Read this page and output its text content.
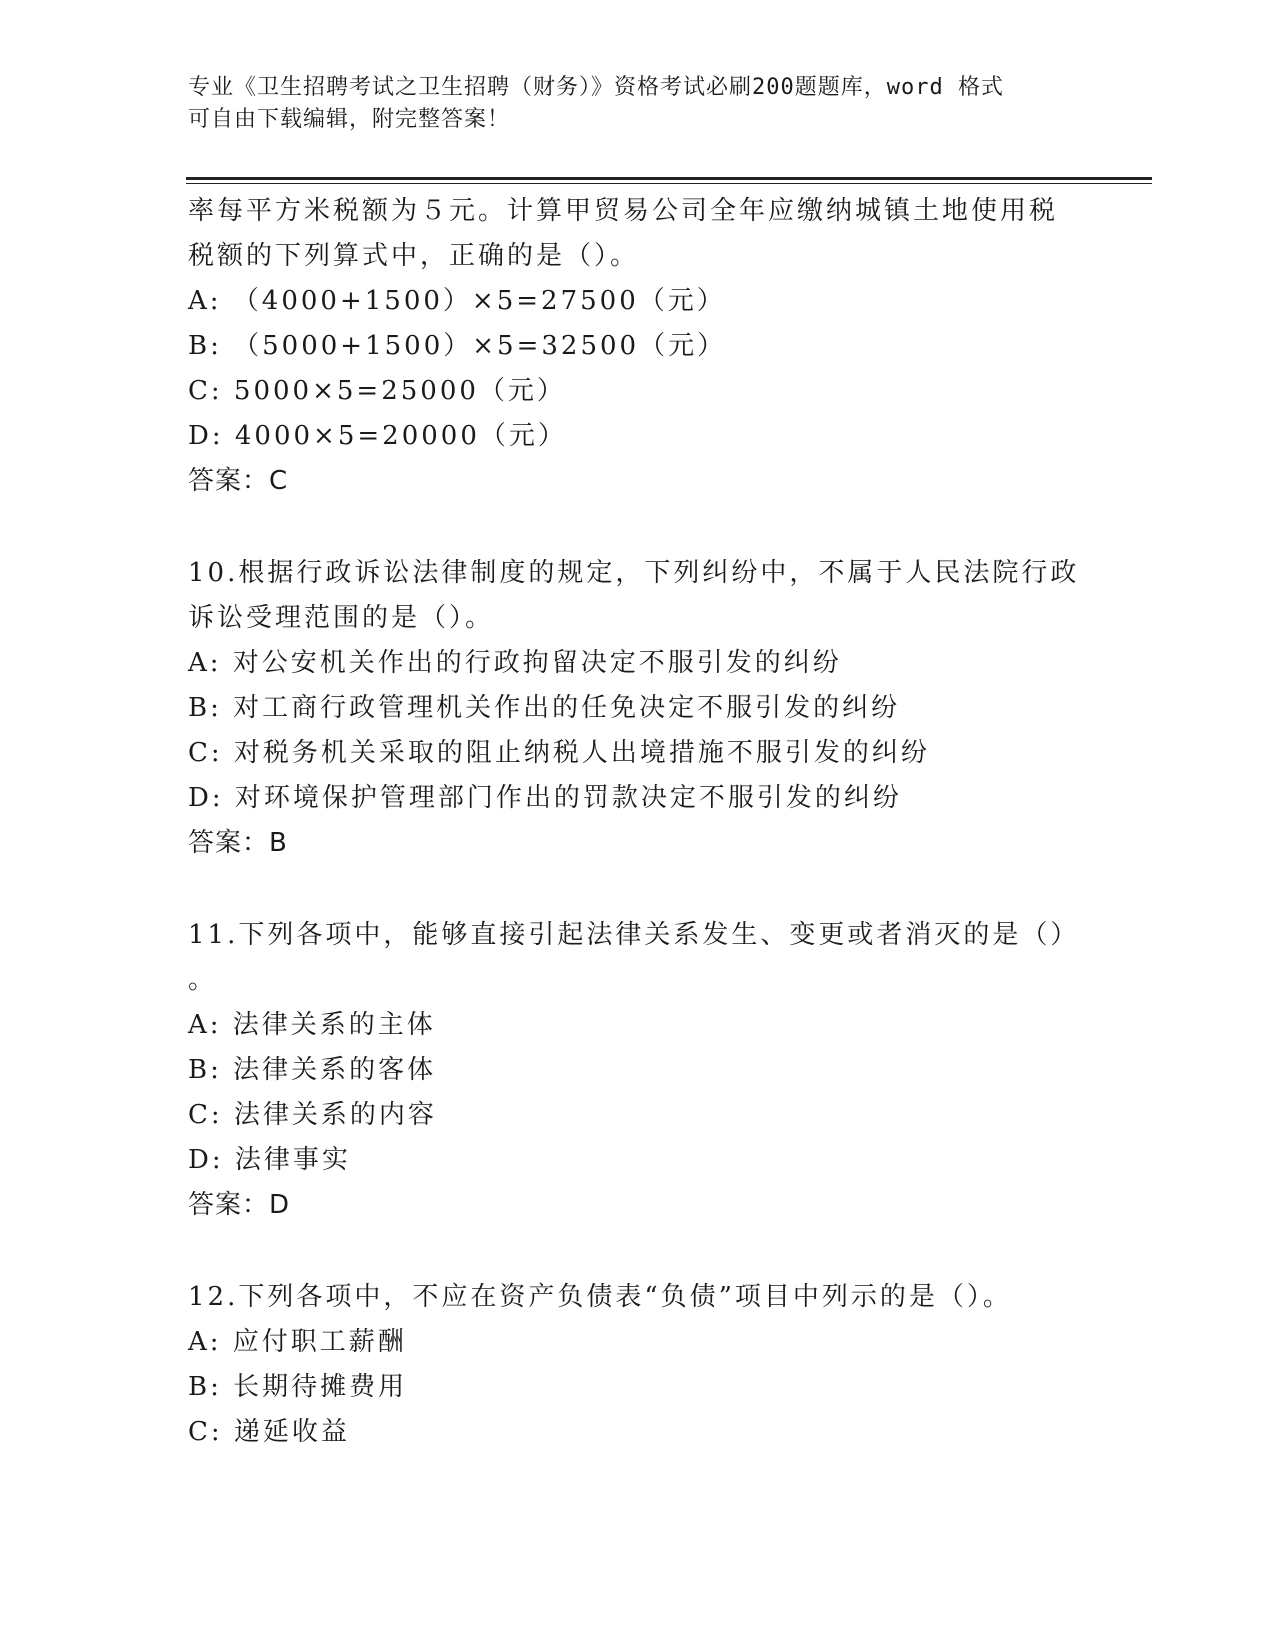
专业《卫生招聘考试之卫生招聘（财务）》资格考试必刷200题题库，word 格式
可自由下载编辑，附完整答案！
率每平方米税额为５元。计算甲贸易公司全年应缴纳城镇土地使用税
税额的下列算式中，正确的是（）。
A: （4000+1500）×5=27500（元）
B: （5000+1500）×5=32500（元）
C: 5000×5=25000（元）
D: 4000×5=20000（元）
答案：C
10.根据行政诉讼法律制度的规定，下列纠纷中，不属于人民法院行政
诉讼受理范围的是（）。
A: 对公安机关作出的行政拘留决定不服引发的纠纷
B: 对工商行政管理机关作出的任免决定不服引发的纠纷
C: 对税务机关采取的阻止纳税人出境措施不服引发的纠纷
D: 对环境保护管理部门作出的罚款决定不服引发的纠纷
答案：B
11.下列各项中，能够直接引起法律关系发生、变更或者消灭的是（）
。
A: 法律关系的主体
B: 法律关系的客体
C: 法律关系的内容
D: 法律事实
答案：D
12.下列各项中，不应在资产负债表“负债”项目中列示的是（）。
A: 应付职工薪酬
B: 长期待摊费用
C: 递延收益
